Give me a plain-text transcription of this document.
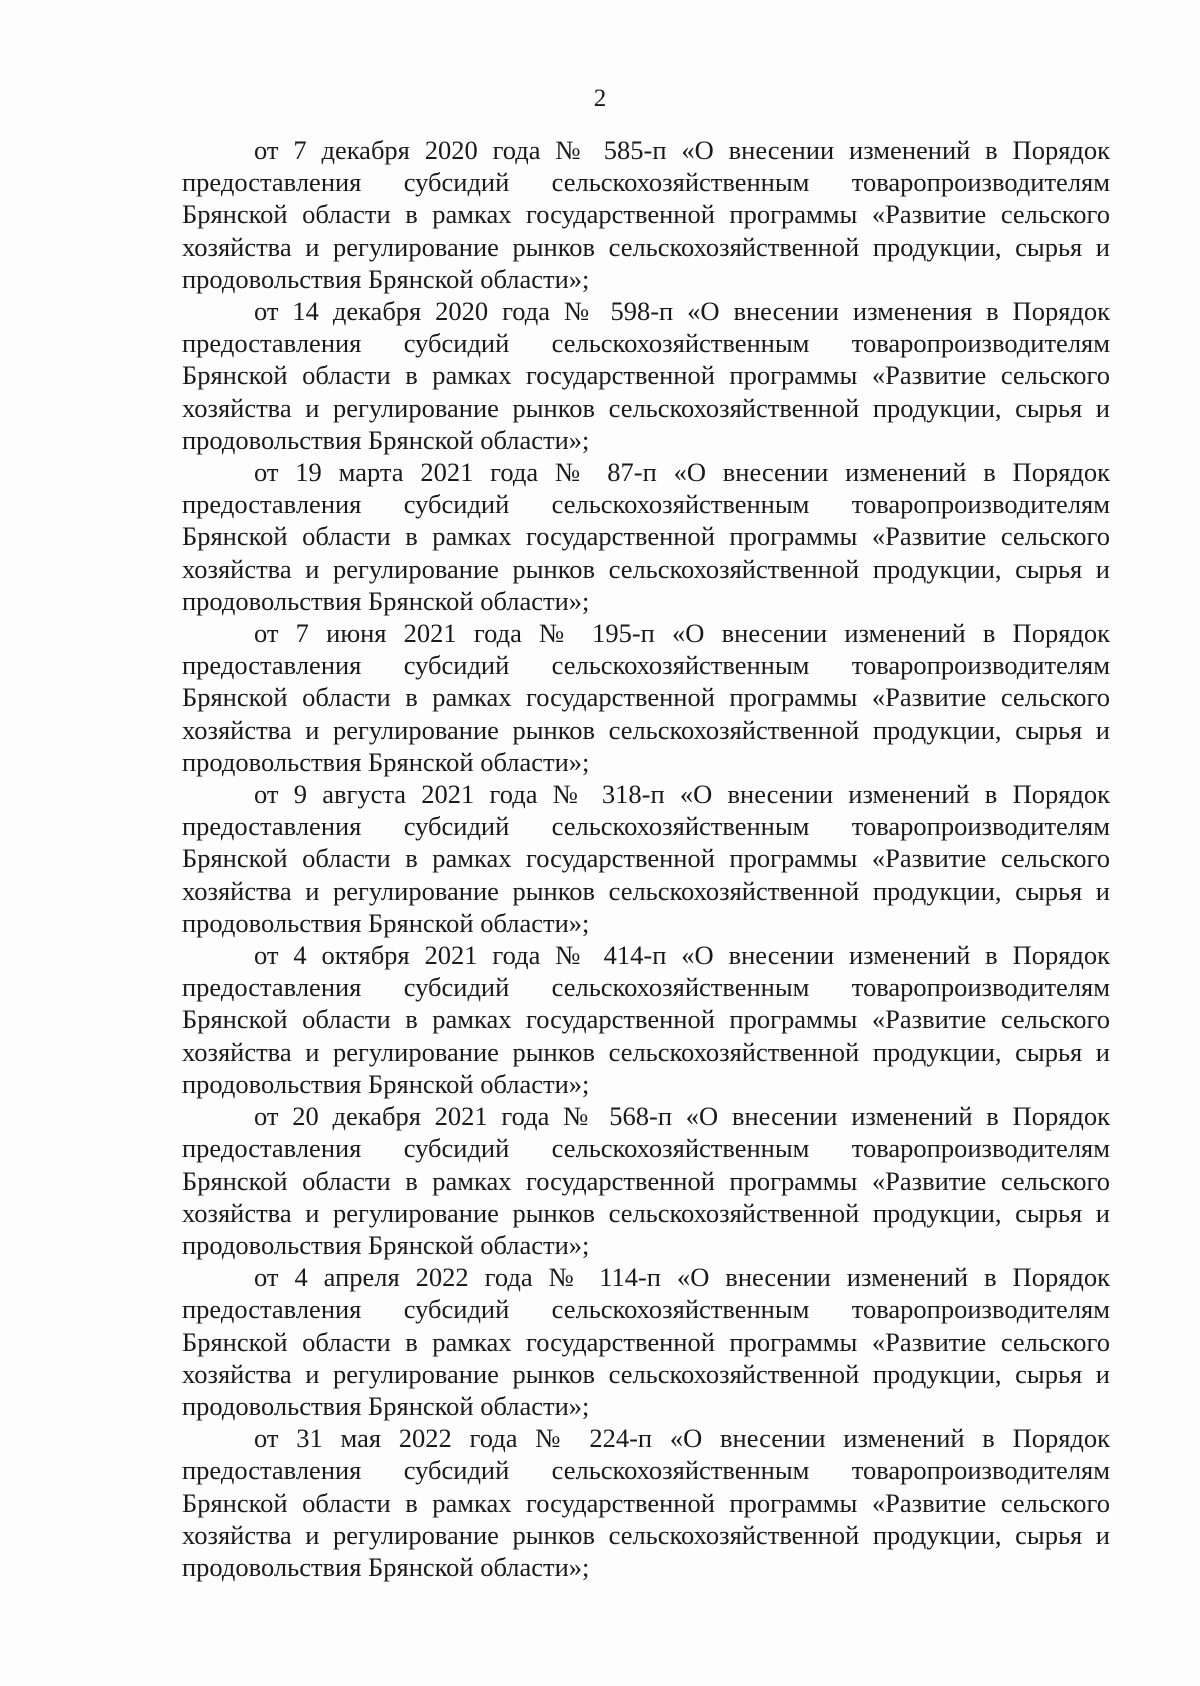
2

от 7 декабря 2020 года № 585-п «О внесении изменений в Порядок предоставления субсидий сельскохозяйственным товаропроизводителям Брянской области в рамках государственной программы «Развитие сельского хозяйства и регулирование рынков сельскохозяйственной продукции, сырья и продовольствия Брянской области»;

от 14 декабря 2020 года № 598-п «О внесении изменения в Порядок предоставления субсидий сельскохозяйственным товаропроизводителям Брянской области в рамках государственной программы «Развитие сельского хозяйства и регулирование рынков сельскохозяйственной продукции, сырья и продовольствия Брянской области»;

от 19 марта 2021 года № 87-п «О внесении изменений в Порядок предоставления субсидий сельскохозяйственным товаропроизводителям Брянской области в рамках государственной программы «Развитие сельского хозяйства и регулирование рынков сельскохозяйственной продукции, сырья и продовольствия Брянской области»;

от 7 июня 2021 года № 195-п «О внесении изменений в Порядок предоставления субсидий сельскохозяйственным товаропроизводителям Брянской области в рамках государственной программы «Развитие сельского хозяйства и регулирование рынков сельскохозяйственной продукции, сырья и продовольствия Брянской области»;

от 9 августа 2021 года № 318-п «О внесении изменений в Порядок предоставления субсидий сельскохозяйственным товаропроизводителям Брянской области в рамках государственной программы «Развитие сельского хозяйства и регулирование рынков сельскохозяйственной продукции, сырья и продовольствия Брянской области»;

от 4 октября 2021 года № 414-п «О внесении изменений в Порядок предоставления субсидий сельскохозяйственным товаропроизводителям Брянской области в рамках государственной программы «Развитие сельского хозяйства и регулирование рынков сельскохозяйственной продукции, сырья и продовольствия Брянской области»;

от 20 декабря 2021 года № 568-п «О внесении изменений в Порядок предоставления субсидий сельскохозяйственным товаропроизводителям Брянской области в рамках государственной программы «Развитие сельского хозяйства и регулирование рынков сельскохозяйственной продукции, сырья и продовольствия Брянской области»;

от 4 апреля 2022 года № 114-п «О внесении изменений в Порядок предоставления субсидий сельскохозяйственным товаропроизводителям Брянской области в рамках государственной программы «Развитие сельского хозяйства и регулирование рынков сельскохозяйственной продукции, сырья и продовольствия Брянской области»;

от 31 мая 2022 года № 224-п «О внесении изменений в Порядок предоставления субсидий сельскохозяйственным товаропроизводителям Брянской области в рамках государственной программы «Развитие сельского хозяйства и регулирование рынков сельскохозяйственной продукции, сырья и продовольствия Брянской области»;
